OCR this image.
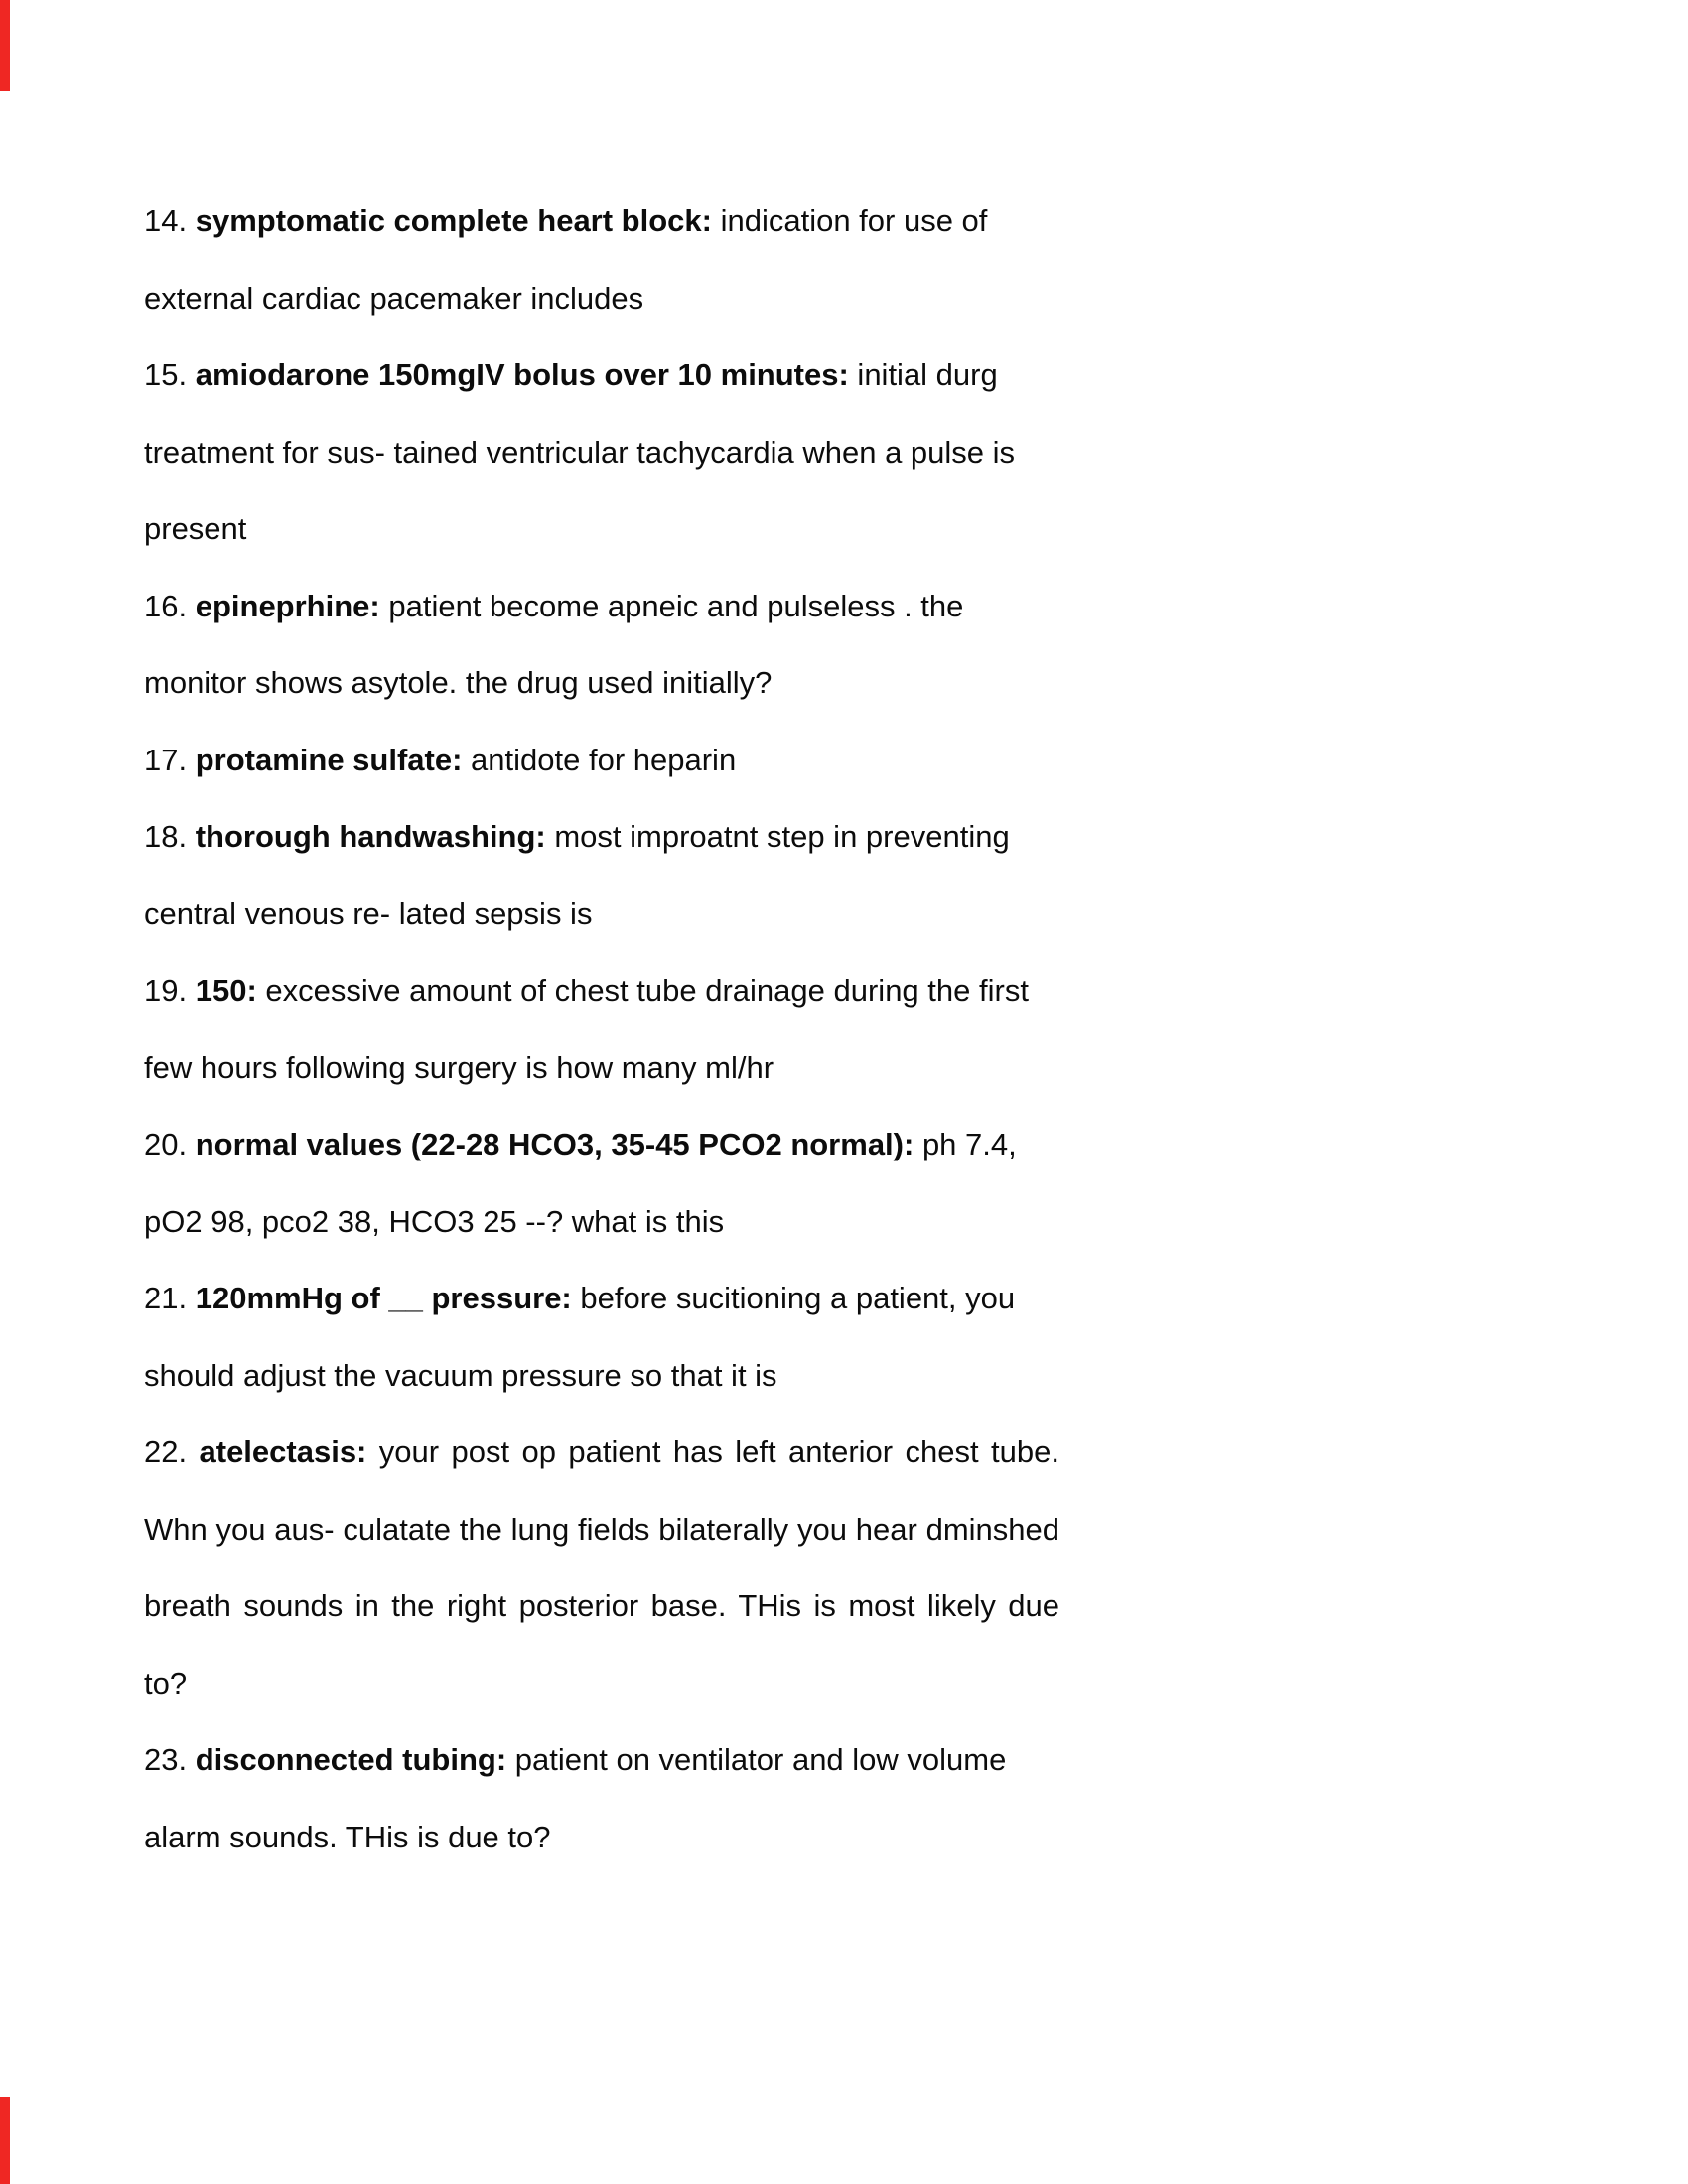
14. symptomatic complete heart block: indication for use of
external cardiac pacemaker includes
15. amiodarone 150mgIV bolus over 10 minutes: initial durg
treatment for sus- tained ventricular tachycardia when a pulse is
present
16. epineprhine: patient become apneic and pulseless . the
monitor shows asytole. the drug used initially?
17. protamine sulfate: antidote for heparin
18. thorough handwashing: most improatnt step in preventing
central venous re- lated sepsis is
19. 150: excessive amount of chest tube drainage during the first
few hours following surgery is how many ml/hr
20. normal values (22-28 HCO3, 35-45 PCO2 normal): ph 7.4,
pO2 98, pco2 38, HCO3 25 --? what is this
21. 120mmHg of __ pressure: before sucitioning a patient, you
should adjust the vacuum pressure so that it is
22. atelectasis: your post op patient has left anterior chest tube.
Whn you aus- culatate the lung fields bilaterally you hear dminshed
breath sounds in the right posterior base. THis is most likely due
to?
23. disconnected tubing: patient on ventilator and low volume
alarm sounds. THis is due to?
